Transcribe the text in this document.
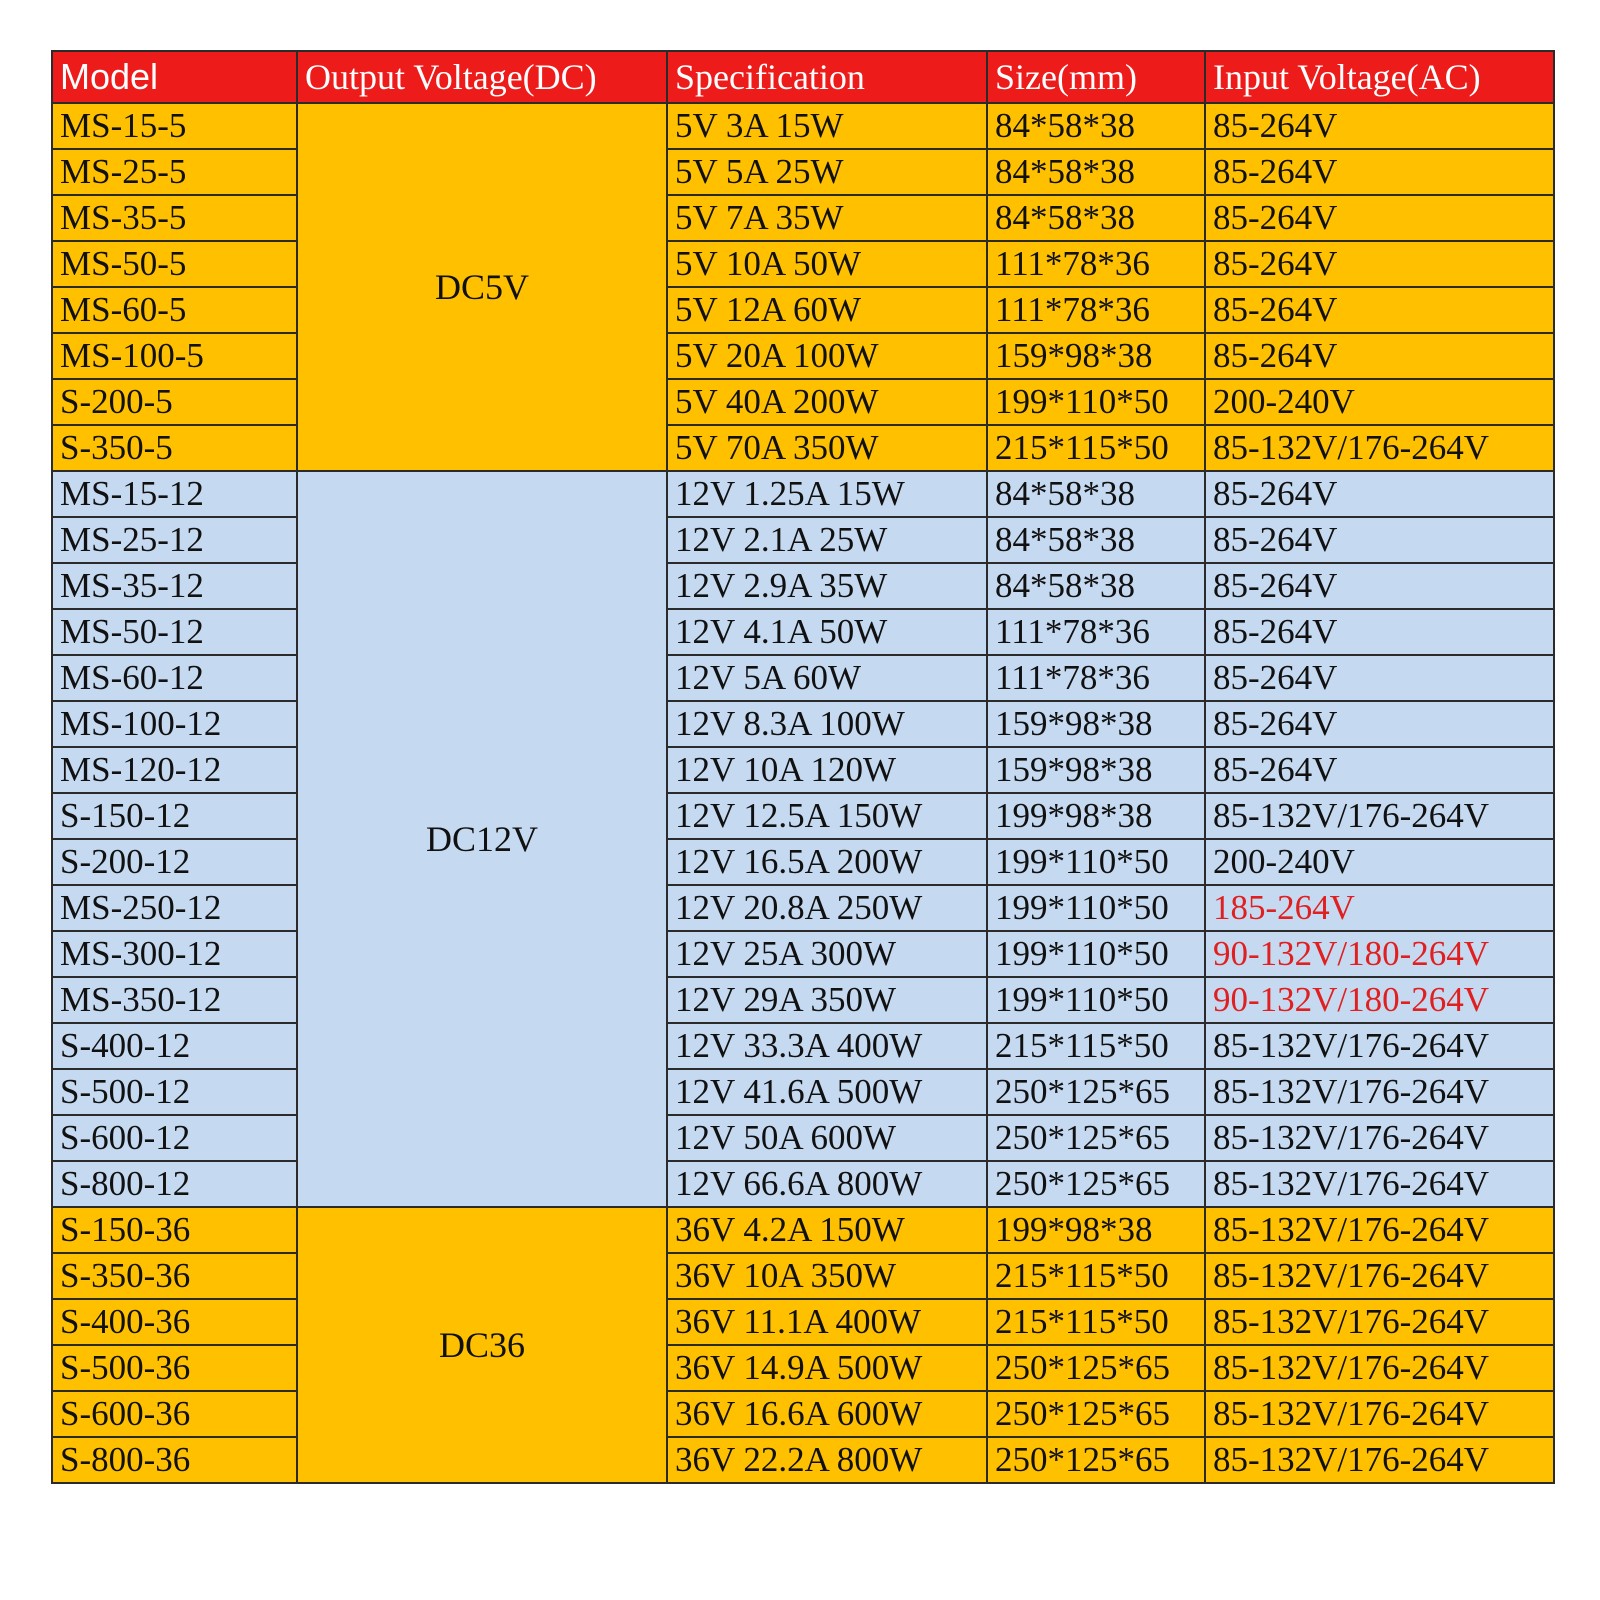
Model	Output Voltage(DC)	Specification	Size(mm)	Input Voltage(AC)
MS-15-5	DC5V	5V 3A 15W	84*58*38	85-264V
MS-25-5		5V 5A 25W	84*58*38	85-264V
MS-35-5		5V 7A 35W	84*58*38	85-264V
MS-50-5		5V 10A 50W	111*78*36	85-264V
MS-60-5		5V 12A 60W	111*78*36	85-264V
MS-100-5		5V 20A 100W	159*98*38	85-264V
S-200-5		5V 40A 200W	199*110*50	200-240V
S-350-5		5V 70A 350W	215*115*50	85-132V/176-264V
MS-15-12	DC12V	12V 1.25A 15W	84*58*38	85-264V
MS-25-12		12V 2.1A 25W	84*58*38	85-264V
MS-35-12		12V 2.9A 35W	84*58*38	85-264V
MS-50-12		12V 4.1A 50W	111*78*36	85-264V
MS-60-12		12V 5A 60W	111*78*36	85-264V
MS-100-12		12V 8.3A 100W	159*98*38	85-264V
MS-120-12		12V 10A 120W	159*98*38	85-264V
S-150-12		12V 12.5A 150W	199*98*38	85-132V/176-264V
S-200-12		12V 16.5A 200W	199*110*50	200-240V
MS-250-12		12V 20.8A 250W	199*110*50	185-264V
MS-300-12		12V 25A 300W	199*110*50	90-132V/180-264V
MS-350-12		12V 29A 350W	199*110*50	90-132V/180-264V
S-400-12		12V 33.3A 400W	215*115*50	85-132V/176-264V
S-500-12		12V 41.6A 500W	250*125*65	85-132V/176-264V
S-600-12		12V 50A 600W	250*125*65	85-132V/176-264V
S-800-12		12V 66.6A 800W	250*125*65	85-132V/176-264V
S-150-36	DC36	36V 4.2A 150W	199*98*38	85-132V/176-264V
S-350-36		36V 10A 350W	215*115*50	85-132V/176-264V
S-400-36		36V 11.1A 400W	215*115*50	85-132V/176-264V
S-500-36		36V 14.9A 500W	250*125*65	85-132V/176-264V
S-600-36		36V 16.6A 600W	250*125*65	85-132V/176-264V
S-800-36		36V 22.2A 800W	250*125*65	85-132V/176-264V
